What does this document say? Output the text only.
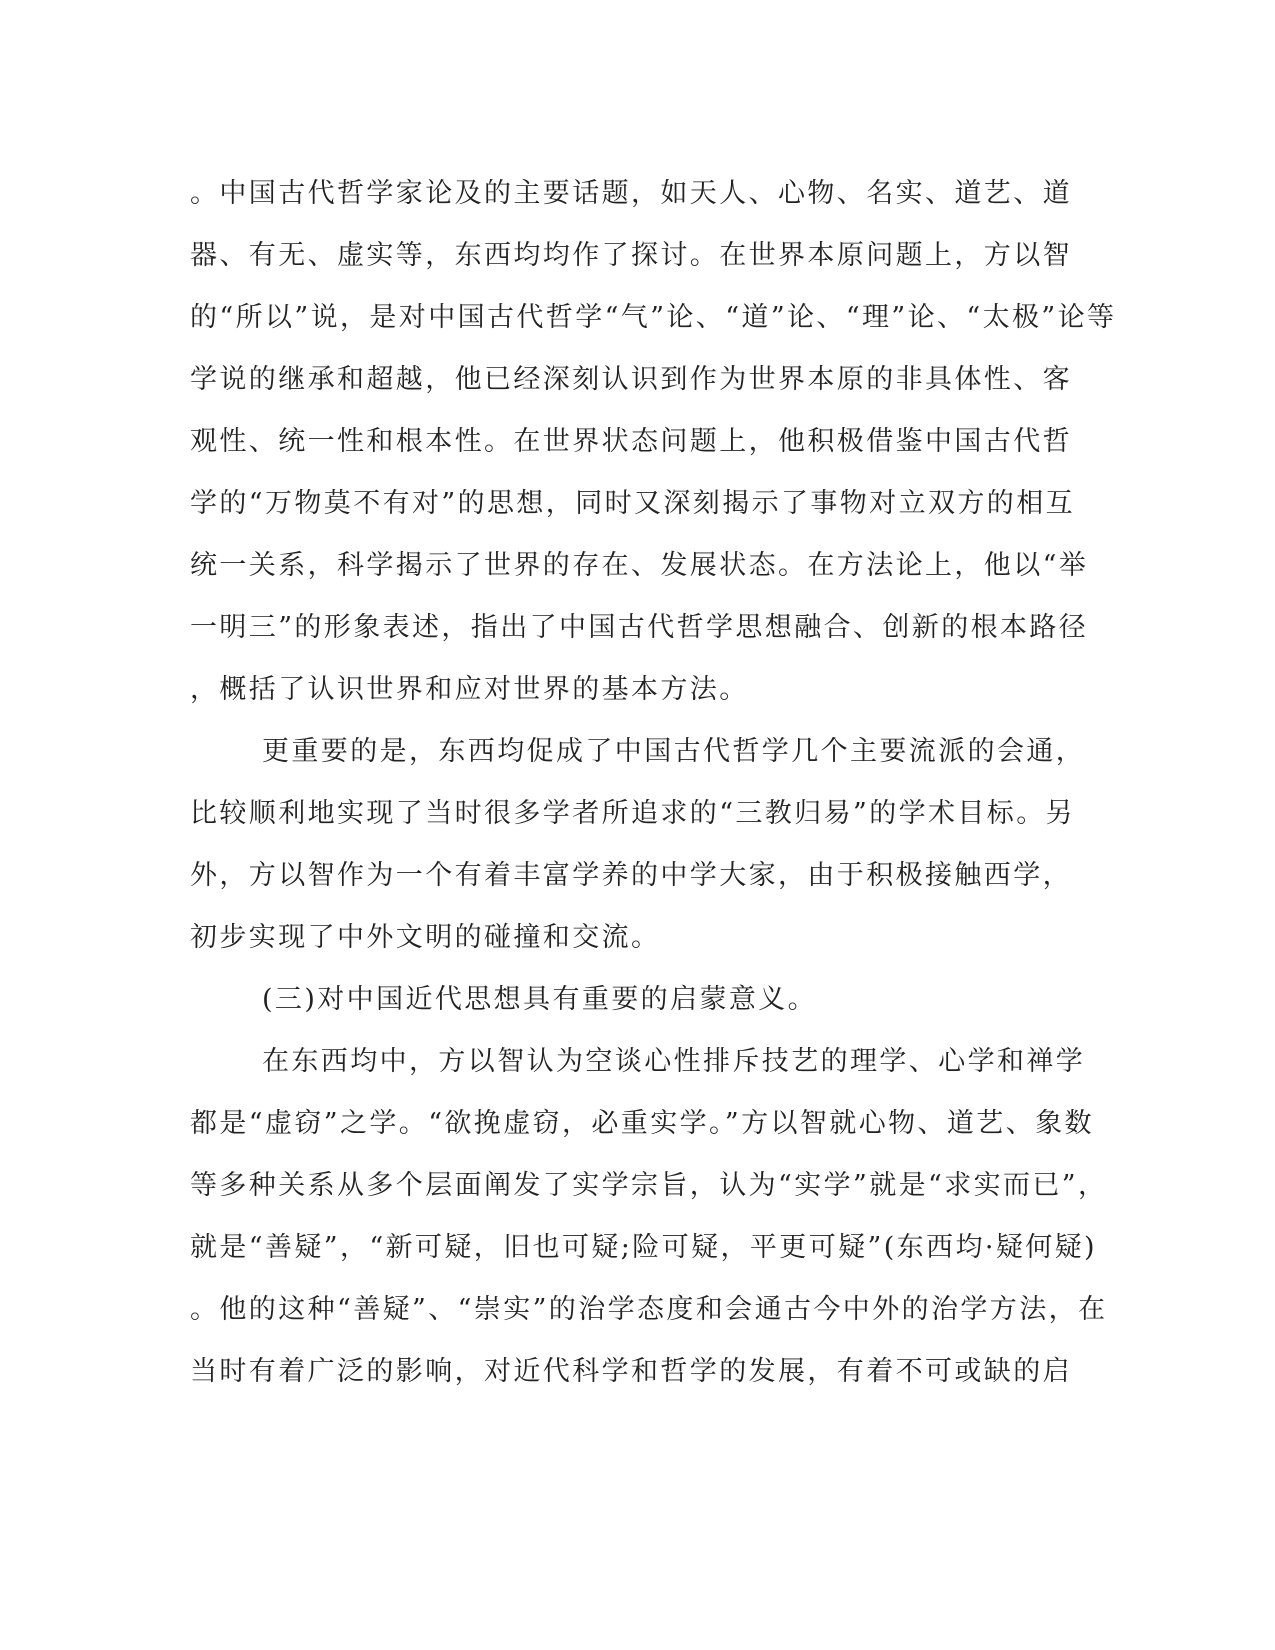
。中国古代哲学家论及的主要话题，如天人、心物、名实、道艺、道
器、有无、虚实等，东西均均作了探讨。在世界本原问题上，方以智
的“所以”说，是对中国古代哲学“气”论、“道”论、“理”论、“太极”论等
学说的继承和超越，他已经深刻认识到作为世界本原的非具体性、客
观性、统一性和根本性。在世界状态问题上，他积极借鉴中国古代哲
学的“万物莫不有对”的思想，同时又深刻揭示了事物对立双方的相互
统一关系，科学揭示了世界的存在、发展状态。在方法论上，他以“举
一明三”的形象表述，指出了中国古代哲学思想融合、创新的根本路径
，概括了认识世界和应对世界的基本方法。
更重要的是，东西均促成了中国古代哲学几个主要流派的会通，
比较顺利地实现了当时很多学者所追求的“三教归易”的学术目标。另
外，方以智作为一个有着丰富学养的中学大家，由于积极接触西学，
初步实现了中外文明的碰撞和交流。
(三)对中国近代思想具有重要的启蒙意义。
在东西均中，方以智认为空谈心性排斥技艺的理学、心学和禅学
都是“虚窃”之学。“欲挽虚窃，必重实学。”方以智就心物、道艺、象数
等多种关系从多个层面阐发了实学宗旨，认为“实学”就是“求实而已”，
就是“善疑”，“新可疑，旧也可疑;险可疑，平更可疑”(东西均·疑何疑)
。他的这种“善疑”、“崇实”的治学态度和会通古今中外的治学方法，在
当时有着广泛的影响，对近代科学和哲学的发展，有着不可或缺的启
